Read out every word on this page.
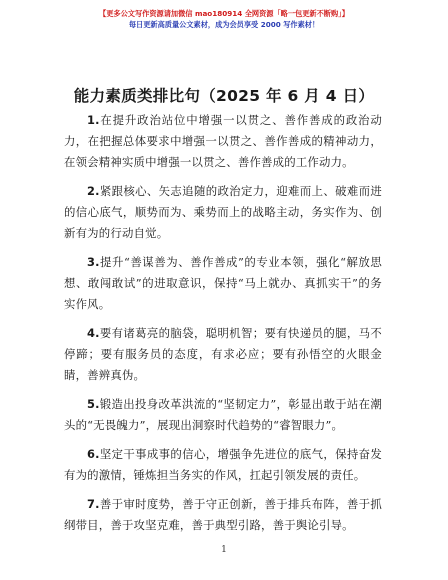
【更多公文写作资源请加微信 mao180914 全网资源「略一包更新不断购」】
每日更新高质量公文素材，成为会员享受 2000 写作素材！
能力素质类排比句（2025 年 6 月 4 日）

1.在提升政治站位中增强一以贯之、善作善成的政治动力，在把握总体要求中增强一以贯之、善作善成的精神动力，在领会精神实质中增强一以贯之、善作善成的工作动力。

2.紧跟核心、矢志追随的政治定力，迎难而上、破难而进的信心底气，顺势而为、乘势而上的战略主动，务实作为、创新有为的行动自觉。

3.提升“善谋善为、善作善成”的专业本领，强化“解放思想、敢闯敢试”的进取意识，保持“马上就办、真抓实干”的务实作风。

4.要有诸葛亮的脑袋，聪明机智；要有快递员的腿，马不停蹄；要有服务员的态度，有求必应；要有孙悟空的火眼金睛，善辨真伪。

5.锻造出投身改革洪流的“坚韧定力”，彰显出敢于站在潮头的“无畏魄力”，展现出洞察时代趋势的“睿智眼力”。

6.坚定干事成事的信心，增强争先进位的底气，保持奋发有为的激情，锤炼担当务实的作风，扛起引领发展的责任。

7.善于审时度势，善于守正创新，善于排兵布阵，善于抓纲带目，善于攻坚克难，善于典型引路，善于舆论引导。

1
